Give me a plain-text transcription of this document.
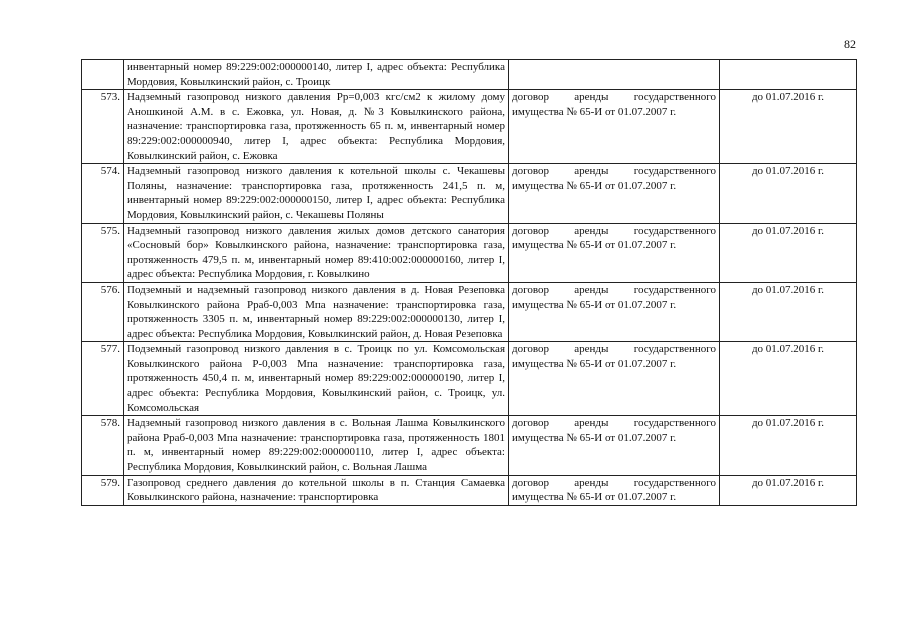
82
	инвентарный номер 89:229:002:000000140, литер I, адрес объекта: Республика Мордовия, Ковылкинский район, с. Троицк		
573.	Надземный газопровод низкого давления Рр=0,003 кгс/см2 к жилому дому Аношкиной А.М. в с. Ежовка, ул. Новая, д. №3 Ковылкинского района, назначение: транспортировка газа, протяженность 65 п. м, инвентарный номер 89:229:002:000000940, литер I, адрес объекта: Республика Мордовия, Ковылкинский район, с. Ежовка	договор аренды государственного имущества № 65-И от 01.07.2007 г.	до 01.07.2016 г.
574.	Надземный газопровод низкого давления к котельной школы с. Чекашевы Поляны, назначение: транспортировка газа, протяженность 241,5 п. м, инвентарный номер 89:229:002:000000150, литер I, адрес объекта: Республика Мордовия, Ковылкинский район, с. Чекашевы Поляны	договор аренды государственного имущества № 65-И от 01.07.2007 г.	до 01.07.2016 г.
575.	Надземный газопровод низкого давления жилых домов детского санатория «Сосновый бор» Ковылкинского района, назначение: транспортировка газа, протяженность 479,5 п. м, инвентарный номер 89:410:002:000000160, литер I, адрес объекта: Республика Мордовия, г. Ковылкино	договор аренды государственного имущества № 65-И от 01.07.2007 г.	до 01.07.2016 г.
576.	Подземный и надземный газопровод низкого давления в д. Новая Резеповка Ковылкинского района Рраб-0,003 Мпа назначение: транспортировка газа, протяженность 3305 п. м, инвентарный номер 89:229:002:000000130, литер I, адрес объекта: Республика Мордовия, Ковылкинский район, д. Новая Резеповка	договор аренды государственного имущества № 65-И от 01.07.2007 г.	до 01.07.2016 г.
577.	Подземный газопровод низкого давления в с. Троицк по ул. Комсомольская Ковылкинского района Р-0,003 Мпа назначение: транспортировка газа, протяженность 450,4 п. м, инвентарный номер 89:229:002:000000190, литер I, адрес объекта: Республика Мордовия, Ковылкинский район, с. Троицк, ул. Комсомольская	договор аренды государственного имущества № 65-И от 01.07.2007 г.	до 01.07.2016 г.
578.	Надземный газопровод низкого давления в с. Вольная Лашма Ковылкинского района Рраб-0,003 Мпа назначение: транспортировка газа, протяженность 1801 п. м, инвентарный номер 89:229:002:000000110, литер I, адрес объекта: Республика Мордовия, Ковылкинский район, с. Вольная Лашма	договор аренды государственного имущества № 65-И от 01.07.2007 г.	до 01.07.2016 г.
579.	Газопровод среднего давления до котельной школы в п. Станция Самаевка Ковылкинского района, назначение: транспортировка	договор аренды государственного имущества № 65-И от 01.07.2007 г.	до 01.07.2016 г.
